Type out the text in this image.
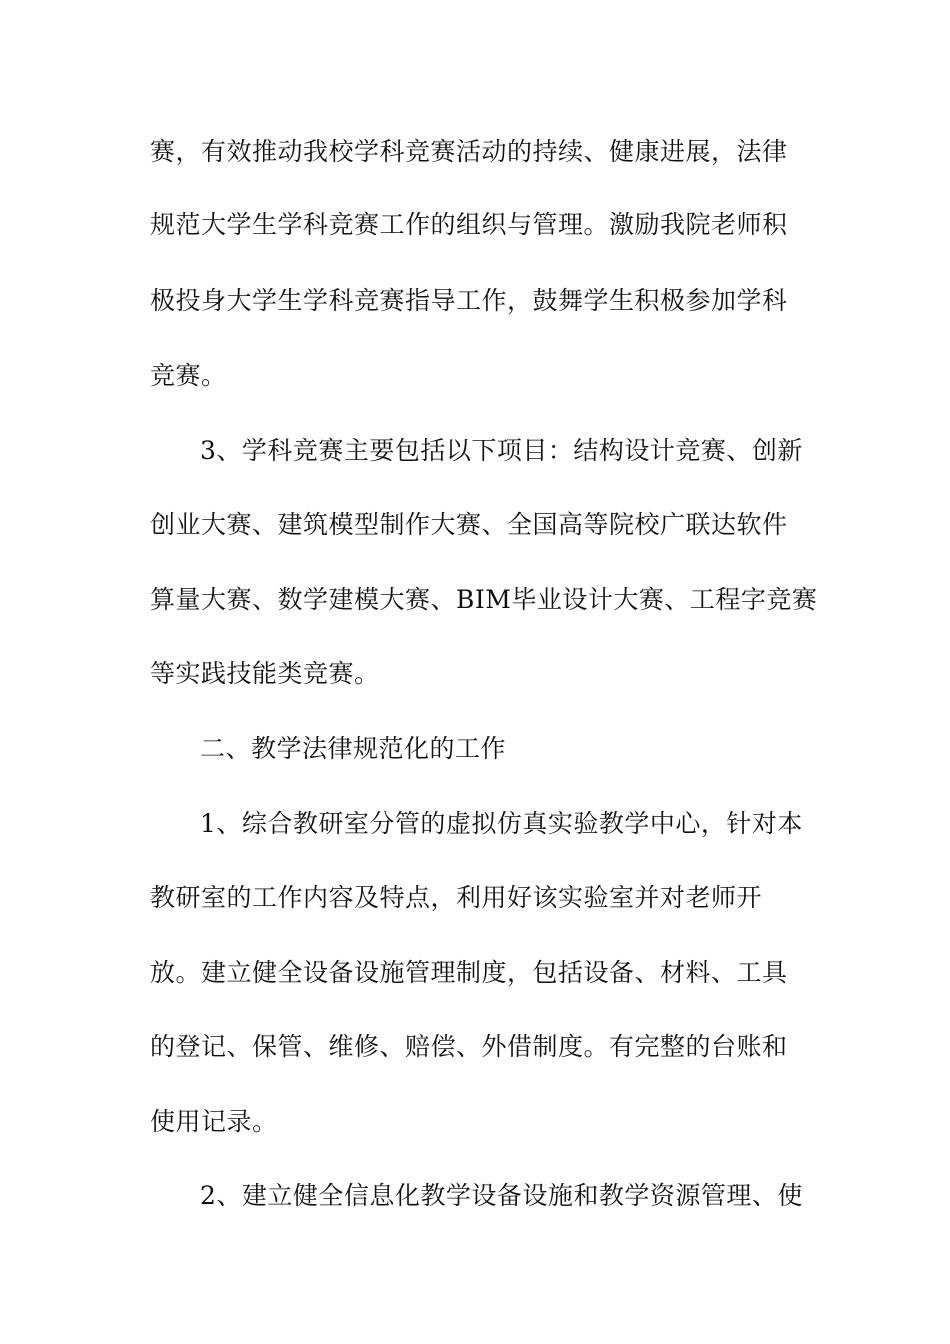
赛，有效推动我校学科竞赛活动的持续、健康进展，法律
规范大学生学科竞赛工作的组织与管理。激励我院老师积
极投身大学生学科竞赛指导工作，鼓舞学生积极参加学科
竞赛。
3、学科竞赛主要包括以下项目：结构设计竞赛、创新
创业大赛、建筑模型制作大赛、全国高等院校广联达软件
算量大赛、数学建模大赛、BIM毕业设计大赛、工程字竞赛
等实践技能类竞赛。
二、教学法律规范化的工作
1、综合教研室分管的虚拟仿真实验教学中心，针对本
教研室的工作内容及特点，利用好该实验室并对老师开
放。建立健全设备设施管理制度，包括设备、材料、工具
的登记、保管、维修、赔偿、外借制度。有完整的台账和
使用记录。
2、建立健全信息化教学设备设施和教学资源管理、使
